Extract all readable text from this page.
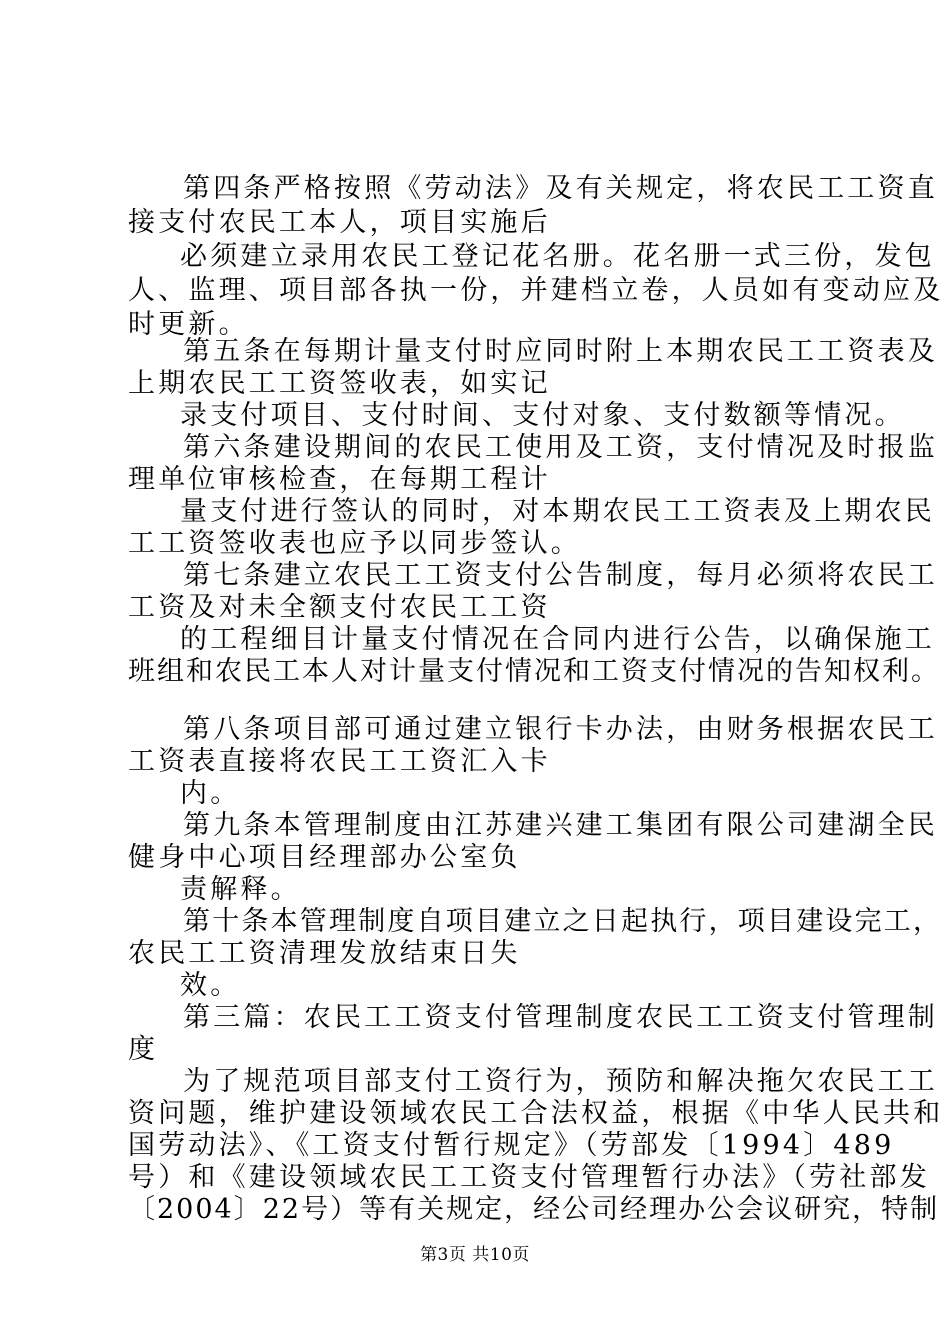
第四条严格按照《劳动法》及有关规定，将农民工工资直
接支付农民工本人，项目实施后
必须建立录用农民工登记花名册。花名册一式三份，发包
人、监理、项目部各执一份，并建档立卷，人员如有变动应及
时更新。
第五条在每期计量支付时应同时附上本期农民工工资表及
上期农民工工资签收表，如实记
录支付项目、支付时间、支付对象、支付数额等情况。
第六条建设期间的农民工使用及工资，支付情况及时报监
理单位审核检查，在每期工程计
量支付进行签认的同时，对本期农民工工资表及上期农民
工工资签收表也应予以同步签认。
第七条建立农民工工资支付公告制度，每月必须将农民工
工资及对未全额支付农民工工资
的工程细目计量支付情况在合同内进行公告，以确保施工
班组和农民工本人对计量支付情况和工资支付情况的告知权利。
第八条项目部可通过建立银行卡办法，由财务根据农民工
工资表直接将农民工工资汇入卡
内。
第九条本管理制度由江苏建兴建工集团有限公司建湖全民
健身中心项目经理部办公室负
责解释。
第十条本管理制度自项目建立之日起执行，项目建设完工，
农民工工资清理发放结束日失
效。
第三篇：农民工工资支付管理制度农民工工资支付管理制
度
为了规范项目部支付工资行为，预防和解决拖欠农民工工
资问题，维护建设领域农民工合法权益，根据《中华人民共和
国劳动法》、《工资支付暂行规定》（劳部发〔1994〕489
号）和《建设领域农民工工资支付管理暂行办法》（劳社部发
〔2004〕22号）等有关规定，经公司经理办公会议研究，特制
第3页 共10页
